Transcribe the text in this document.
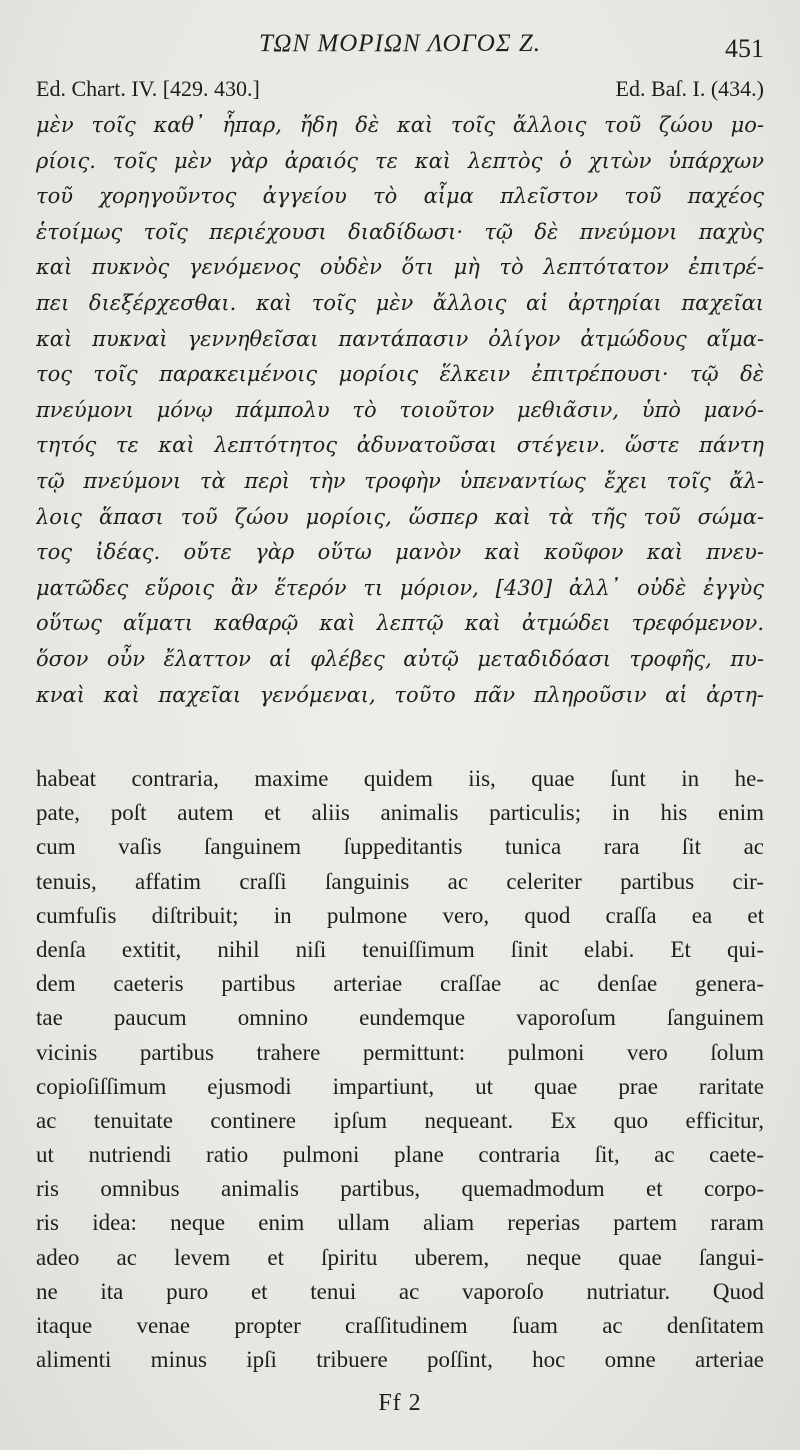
ΤΩΝ ΜΟΡΙΩΝ ΛΟΓΟΣ Ζ.	451
Ed. Chart. IV. [429. 430.]	Ed. Baſ. I. (434.)
μὲν τοῖς καθ᾽ ἧπαρ, ἤδη δὲ καὶ τοῖς ἄλλοις τοῦ ζώου μο-
ρίοις. τοῖς μὲν γὰρ ἀραιός τε καὶ λεπτὸς ὁ χιτὼν ὑπάρχων
τοῦ χορηγοῦντος ἀγγείου τὸ αἷμα πλεῖστον τοῦ παχέος
ἑτοίμως τοῖς περιέχουσι διαδίδωσι· τῷ δὲ πνεύμονι παχὺς
καὶ πυκνὸς γενόμενος οὐδὲν ὅτι μὴ τὸ λεπτότατον ἐπιτρέ-
πει διεξέρχεσθαι. καὶ τοῖς μὲν ἄλλοις αἱ ἀρτηρίαι παχεῖαι
καὶ πυκναὶ γεννηθεῖσαι παντάπασιν ὀλίγον ἀτμώδους αἵμα-
τος τοῖς παρακειμένοις μορίοις ἕλκειν ἐπιτρέπουσι· τῷ δὲ
πνεύμονι μόνῳ πάμπολυ τὸ τοιοῦτον μεθιᾶσιν, ὑπὸ μανό-
τητός τε καὶ λεπτότητος ἀδυνατοῦσαι στέγειν. ὥστε πάντη
τῷ πνεύμονι τὰ περὶ τὴν τροφὴν ὑπεναντίως ἔχει τοῖς ἄλ-
λοις ἅπασι τοῦ ζώου μορίοις, ὥσπερ καὶ τὰ τῆς τοῦ σώμα-
τος ἰδέας. οὔτε γὰρ οὕτω μανὸν καὶ κοῦφον καὶ πνευ-
ματῶδες εὕροις ἂν ἕτερόν τι μόριον, [430] ἀλλ᾽ οὐδὲ ἐγγὺς
οὕτως αἵματι καθαρῷ καὶ λεπτῷ καὶ ἀτμώδει τρεφόμενον.
ὅσον οὖν ἔλαττον αἱ φλέβες αὐτῷ μεταδιδόασι τροφῆς, πυ-
κναὶ καὶ παχεῖαι γενόμεναι, τοῦτο πᾶν πληροῦσιν αἱ ἀρτη-
habeat contraria, maxime quidem iis, quae ſunt in he-
pate, poſt autem et aliis animalis particulis; in his enim
cum vaſis ſanguinem ſuppeditantis tunica rara ſit ac
tenuis, affatim craſſi ſanguinis ac celeriter partibus cir-
cumfuſis diſtribuit; in pulmone vero, quod craſſa ea et
denſa extitit, nihil niſi tenuiſſimum ſinit elabi. Et qui-
dem caeteris partibus arteriae craſſae ac denſae genera-
tae paucum omnino eundemque vaporoſum ſanguinem
vicinis partibus trahere permittunt: pulmoni vero ſolum
copioſiſſimum ejusmodi impartiunt, ut quae prae raritate
ac tenuitate continere ipſum nequeant. Ex quo efficitur,
ut nutriendi ratio pulmoni plane contraria ſit, ac caete-
ris omnibus animalis partibus, quemadmodum et corpo-
ris idea: neque enim ullam aliam reperias partem raram
adeo ac levem et ſpiritu uberem, neque quae ſangui-
ne ita puro et tenui ac vaporoſo nutriatur. Quod
itaque venae propter craſſitudinem ſuam ac denſitatem
alimenti minus ipſi tribuere poſſint, hoc omne arteriae
Ff 2
